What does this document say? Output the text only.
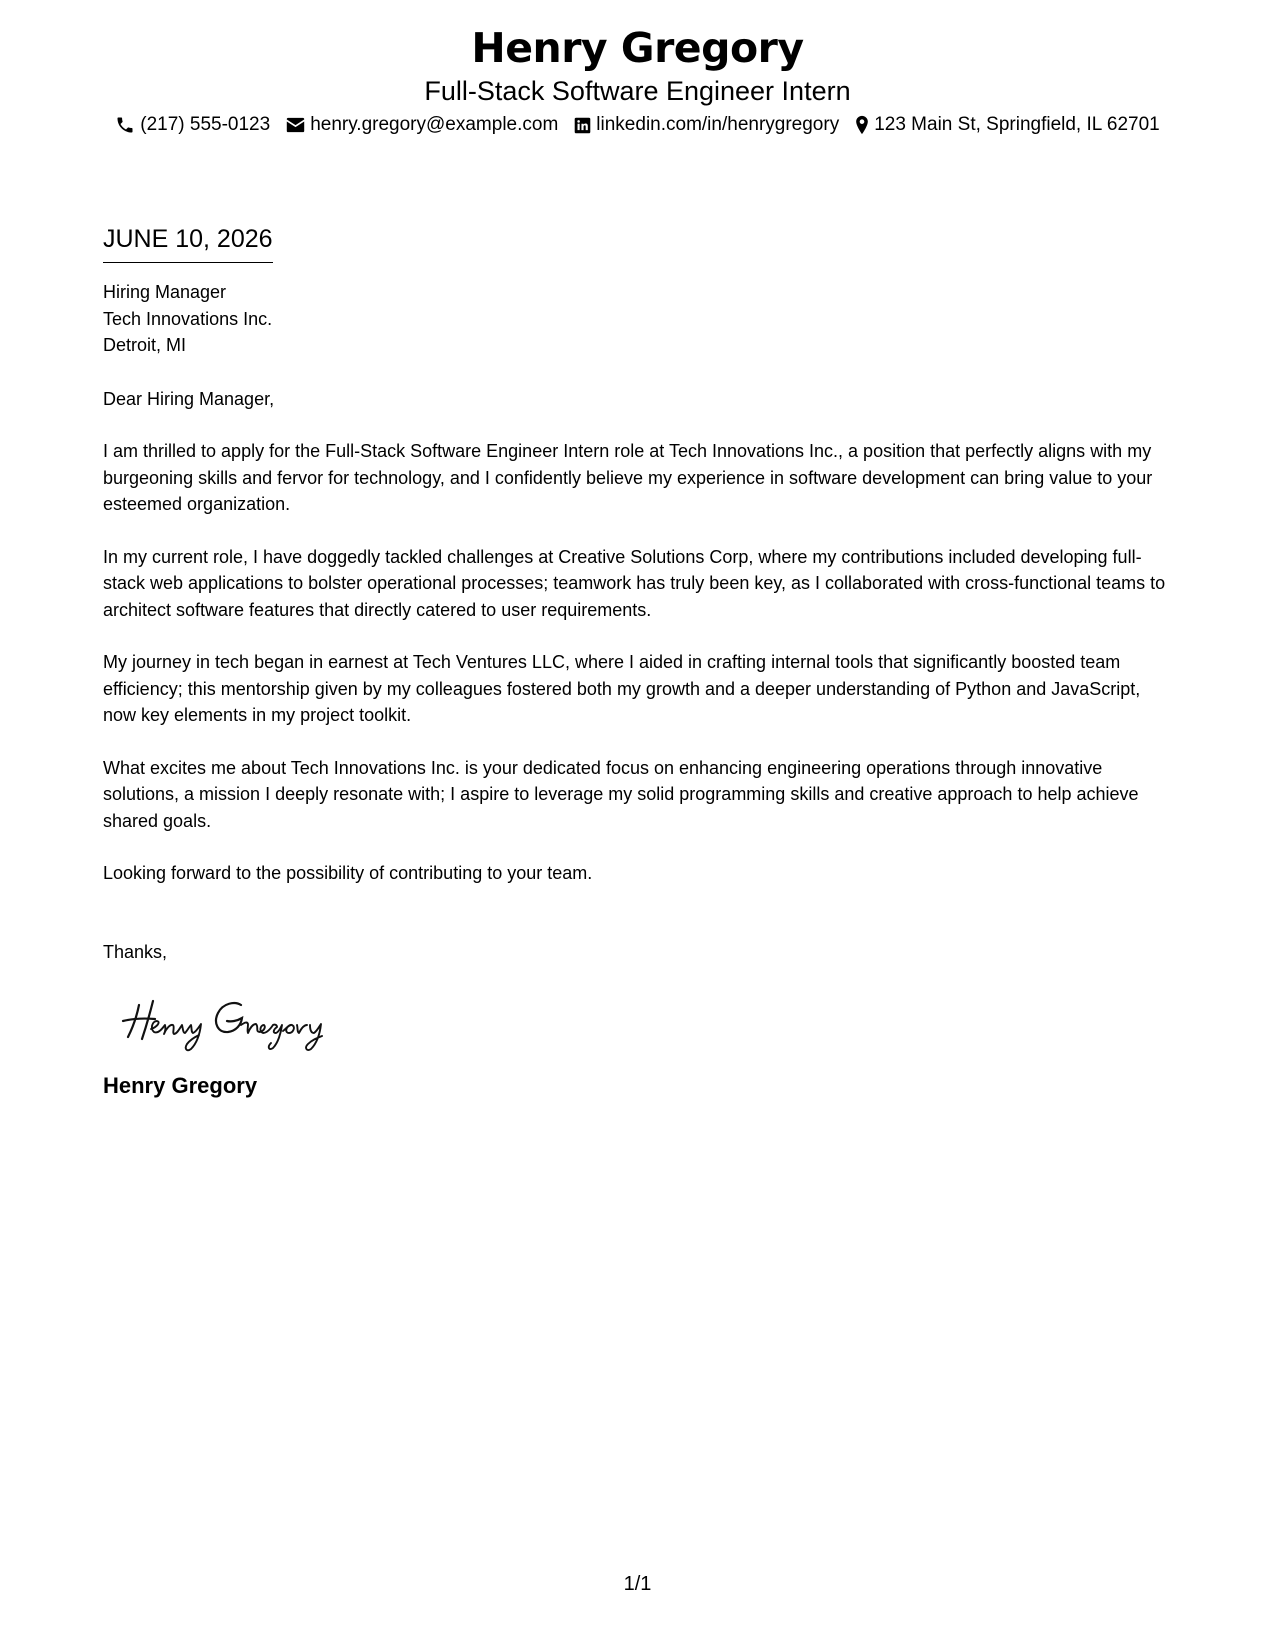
Henry Gregory
Full-Stack Software Engineer Intern
(217) 555-0123 henry.gregory@example.com linkedin.com/in/henrygregory 123 Main St, Springfield, IL 62701
JUNE 10, 2026
Hiring Manager
Tech Innovations Inc.
Detroit, MI
Dear Hiring Manager,
I am thrilled to apply for the Full-Stack Software Engineer Intern role at Tech Innovations Inc., a position that perfectly aligns with my burgeoning skills and fervor for technology, and I confidently believe my experience in software development can bring value to your esteemed organization.
In my current role, I have doggedly tackled challenges at Creative Solutions Corp, where my contributions included developing full-stack web applications to bolster operational processes; teamwork has truly been key, as I collaborated with cross-functional teams to architect software features that directly catered to user requirements.
My journey in tech began in earnest at Tech Ventures LLC, where I aided in crafting internal tools that significantly boosted team efficiency; this mentorship given by my colleagues fostered both my growth and a deeper understanding of Python and JavaScript, now key elements in my project toolkit.
What excites me about Tech Innovations Inc. is your dedicated focus on enhancing engineering operations through innovative solutions, a mission I deeply resonate with; I aspire to leverage my solid programming skills and creative approach to help achieve shared goals.
Looking forward to the possibility of contributing to your team.
Thanks,
Henry Gregory
1/1
